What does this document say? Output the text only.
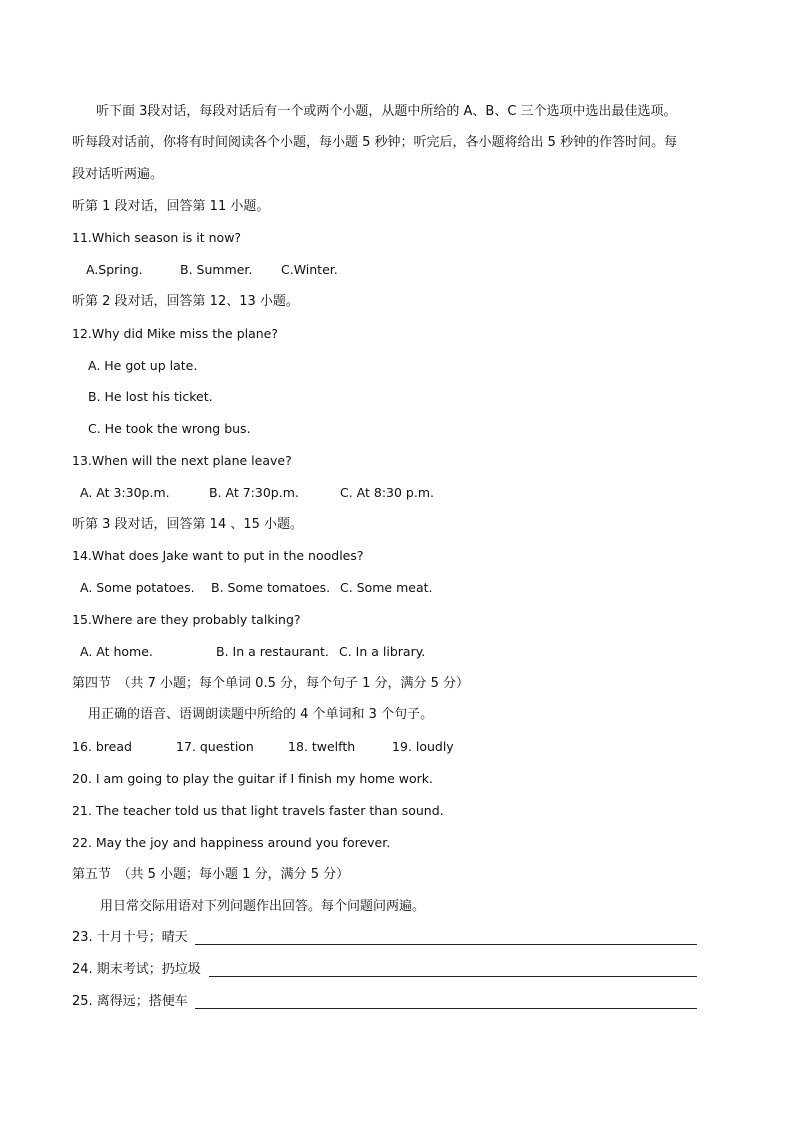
听下面 3段对话，每段对话后有一个或两个小题，从题中所给的 A、B、C 三个选项中选出最佳选项。
听每段对话前，你将有时间阅读各个小题，每小题 5 秒钟；听完后，各小题将给出 5 秒钟的作答时间。每
段对话听两遍。
听第 1 段对话，回答第 11 小题。
11.Which season is it now?
A.Spring.	B. Summer. C.Winter.
听第 2 段对话，回答第 12、13 小题。
12.Why did Mike miss the plane?
A. He got up late.
B. He lost his ticket.
C. He took the wrong bus.
13.When will the next plane leave?
A. At 3:30p.m.	B. At 7:30p.m.	C. At 8:30 p.m.
听第 3 段对话，回答第 14 、15 小题。
14.What does Jake want to put in the noodles?
A. Some potatoes. B. Some tomatoes. C. Some meat.
15.Where are they probably talking?
A. At home.	B. In a restaurant. C. In a library.
第四节　（共 7 小题；每个单词 0.5 分，每个句子 1 分，满分 5 分）
用正确的语音、语调朗读题中所给的 4 个单词和 3 个句子。
16. bread	17. question	18. twelfth	19. loudly
20. I am going to play the guitar if I finish my home work.
21. The teacher told us that light travels faster than sound.
22. May the joy and happiness around you forever.
第五节　（共 5 小题；每小题 1 分，满分 5 分）
用日常交际用语对下列问题作出回答。每个问题问两遍。
23. 十月十号；晴天
24. 期末考试；扔垃圾
25. 离得远；搭便车
